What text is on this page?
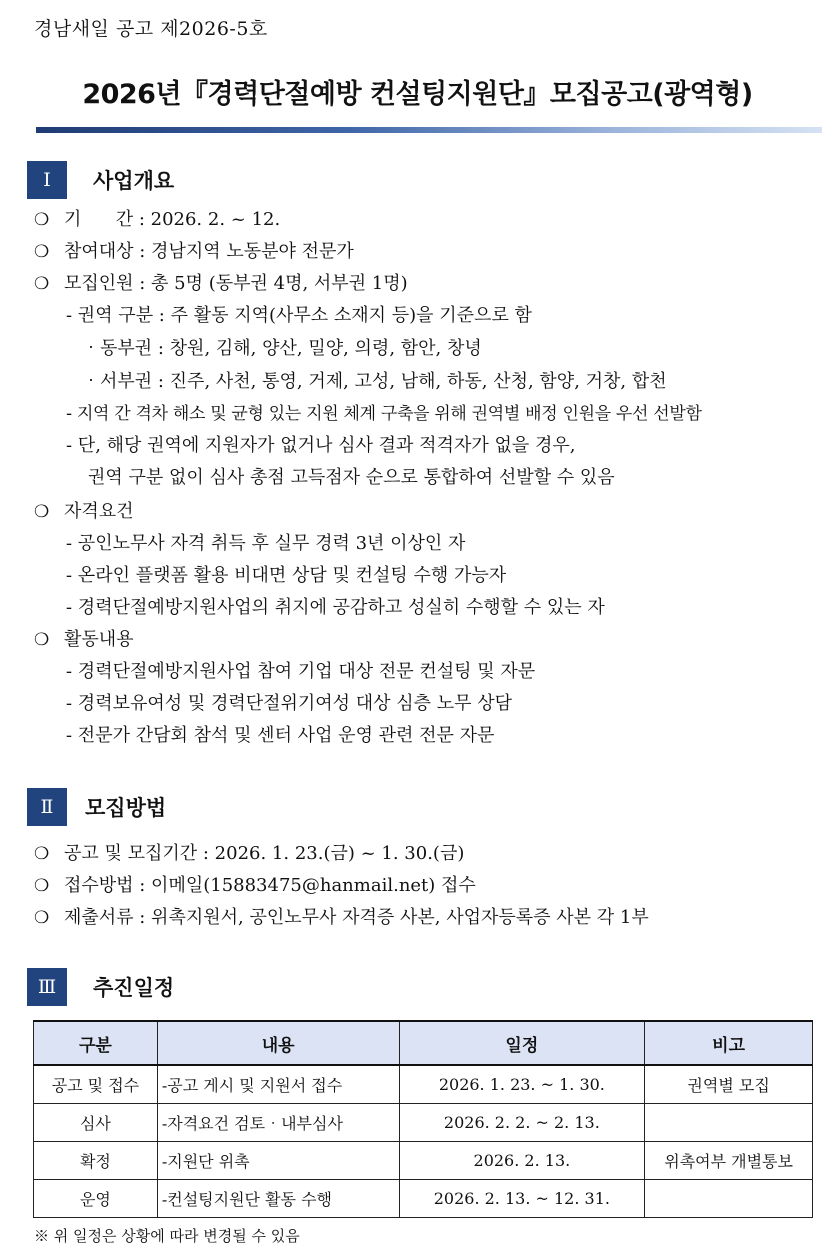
경남새일 공고 제2026-5호
2026년『경력단절예방 컨설팅지원단』모집공고(광역형)
Ⅰ	사업개요
❍ 기      간 : 2026. 2. ~ 12.
❍ 참여대상 : 경남지역 노동분야 전문가
❍ 모집인원 : 총 5명 (동부권 4명, 서부권 1명)
- 권역 구분 : 주 활동 지역(사무소 소재지 등)을 기준으로 함
‧동부권 : 창원, 김해, 양산, 밀양, 의령, 함안, 창녕
‧서부권 : 진주, 사천, 통영, 거제, 고성, 남해, 하동, 산청, 함양, 거창, 합천
- 지역 간 격차 해소 및 균형 있는 지원 체계 구축을 위해 권역별 배정 인원을 우선 선발함
- 단, 해당 권역에 지원자가 없거나 심사 결과 적격자가 없을 경우,
권역 구분 없이 심사 총점 고득점자 순으로 통합하여 선발할 수 있음
❍ 자격요건
- 공인노무사 자격 취득 후 실무 경력 3년 이상인 자
- 온라인 플랫폼 활용 비대면 상담 및 컨설팅 수행 가능자
- 경력단절예방지원사업의 취지에 공감하고 성실히 수행할 수 있는 자
❍ 활동내용
- 경력단절예방지원사업 참여 기업 대상 전문 컨설팅 및 자문
- 경력보유여성 및 경력단절위기여성 대상 심층 노무 상담
- 전문가 간담회 참석 및 센터 사업 운영 관련 전문 자문
Ⅱ	모집방법
❍ 공고 및 모집기간 : 2026. 1. 23.(금) ~ 1. 30.(금)
❍ 접수방법 : 이메일(15883475@hanmail.net) 접수
❍ 제출서류 : 위촉지원서, 공인노무사 자격증 사본, 사업자등록증 사본 각 1부
Ⅲ	추진일정
구분	내용	일정	비고
공고 및 접수	-공고 게시 및 지원서 접수	2026. 1. 23. ~ 1. 30.	권역별 모집
심사	-자격요건 검토‧내부심사	2026. 2. 2. ~ 2. 13.	
확정	-지원단 위촉	2026. 2. 13.	위촉여부 개별통보
운영	-컨설팅지원단 활동 수행	2026. 2. 13. ~ 12. 31.	
※ 위 일정은 상황에 따라 변경될 수 있음
